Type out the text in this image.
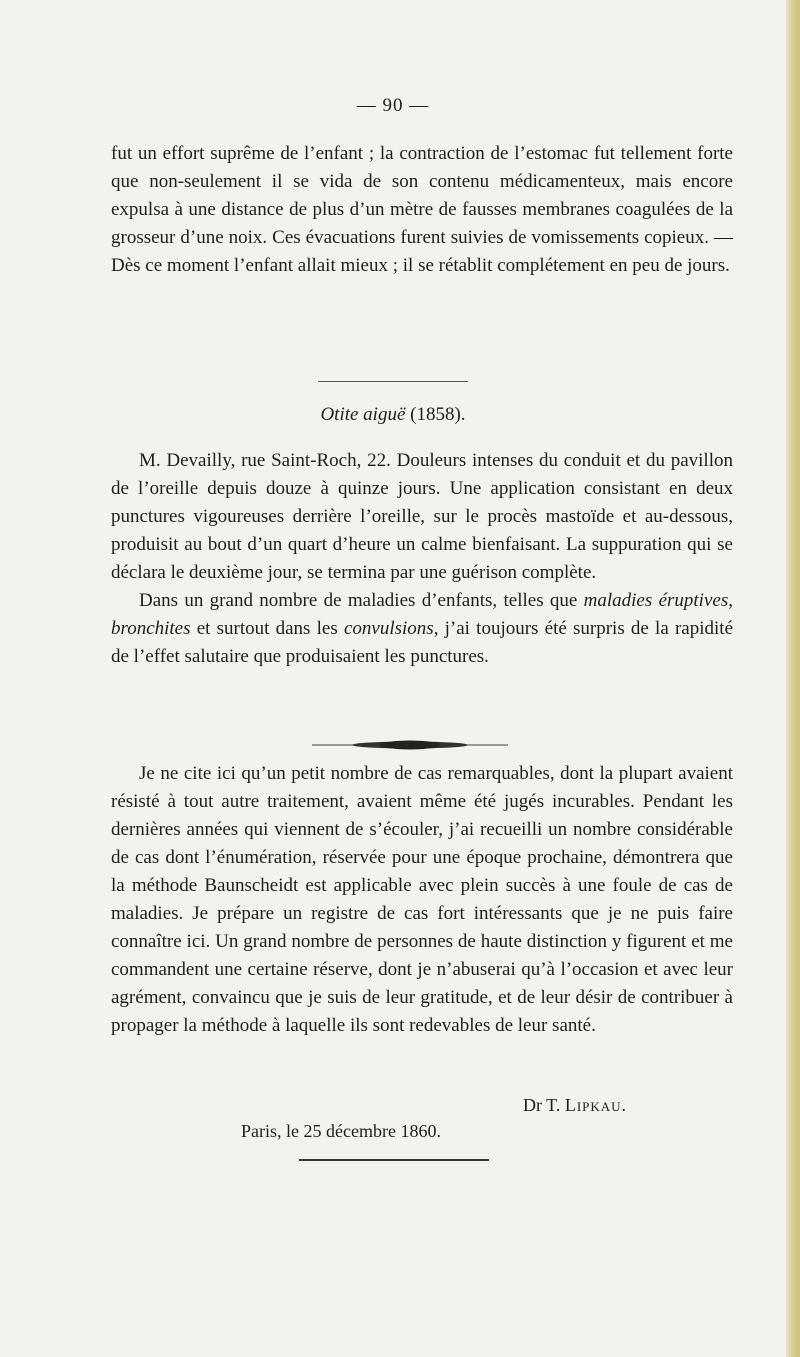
— 90 —

fut un effort suprême de l’enfant ; la contraction de l’estomac fut tellement forte que non-seulement il se vida de son contenu médicamenteux, mais encore expulsa à une distance de plus d’un mètre de fausses membranes coagulées de la grosseur d’une noix. Ces évacuations furent suivies de vomissements copieux. — Dès ce moment l’enfant allait mieux ; il se rétablit complétement en peu de jours.

Otite aiguë (1858).

M. Devailly, rue Saint-Roch, 22. Douleurs intenses du conduit et du pavillon de l’oreille depuis douze à quinze jours. Une application consistant en deux punctures vigoureuses derrière l’oreille, sur le procès mastoïde et au-dessous, produisit au bout d’un quart d’heure un calme bienfaisant. La suppuration qui se déclara le deuxième jour, se termina par une guérison complète.

Dans un grand nombre de maladies d’enfants, telles que maladies éruptives, bronchites et surtout dans les convulsions, j’ai toujours été surpris de la rapidité de l’effet salutaire que produisaient les punctures.

Je ne cite ici qu’un petit nombre de cas remarquables, dont la plupart avaient résisté à tout autre traitement, avaient même été jugés incurables. Pendant les dernières années qui viennent de s’écouler, j’ai recueilli un nombre considérable de cas dont l’énumération, réservée pour une époque prochaine, démontrera que la méthode Baunscheidt est applicable avec plein succès à une foule de cas de maladies. Je prépare un registre de cas fort intéressants que je ne puis faire connaître ici. Un grand nombre de personnes de haute distinction y figurent et me commandent une certaine réserve, dont je n’abuserai qu’à l’occasion et avec leur agrément, convaincu que je suis de leur gratitude, et de leur désir de contribuer à propager la méthode à laquelle ils sont redevables de leur santé.

Dr T. Lipkau.
Paris, le 25 décembre 1860.
